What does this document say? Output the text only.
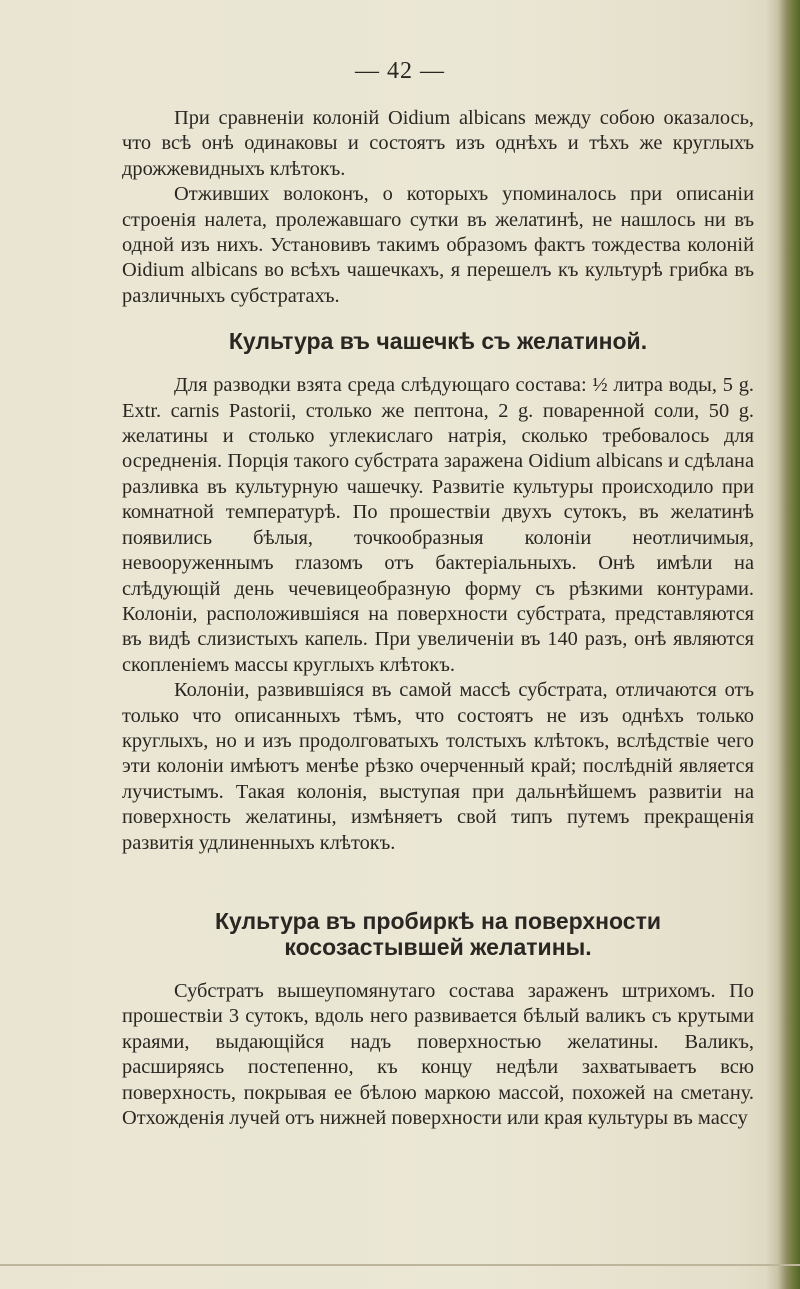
— 42 —

При сравненіи колоній Oidium albicans между собою оказалось, что всѣ онѣ одинаковы и состоятъ изъ однѣхъ и тѣхъ же круглыхъ дрожжевидныхъ клѣтокъ.

Отживших волоконъ, о которыхъ упоминалось при описаніи строенія налета, пролежавшаго сутки въ желатинѣ, не нашлось ни въ одной изъ нихъ. Установивъ такимъ образомъ фактъ тождества колоній Oidium albicans во всѣхъ чашечкахъ, я перешелъ къ культурѣ грибка въ различныхъ субстратахъ.

Культура въ чашечкѣ съ желатиной.

Для разводки взята среда слѣдующаго состава: ½ литра воды, 5 g. Extr. carnis Pastorii, столько же пептона, 2 g. поваренной соли, 50 g. желатины и столько углекислаго натрія, сколько требовалось для осредненія. Порція такого субстрата заражена Oidium albicans и сдѣлана разливка въ культурную чашечку. Развитіе культуры происходило при комнатной температурѣ. По прошествіи двухъ сутокъ, въ желатинѣ появились бѣлыя, точкообразныя колоніи неотличимыя, невооруженнымъ глазомъ отъ бактеріальныхъ. Онѣ имѣли на слѣдующій день чечевицеобразную форму съ рѣзкими контурами. Колоніи, расположившіяся на поверхности субстрата, представляются въ видѣ слизистыхъ капель. При увеличеніи въ 140 разъ, онѣ являются скопленіемъ массы круглыхъ клѣтокъ.

Колоніи, развившіяся въ самой массѣ субстрата, отличаются отъ только что описанныхъ тѣмъ, что состоятъ не изъ однѣхъ только круглыхъ, но и изъ продолговатыхъ толстыхъ клѣтокъ, вслѣдствіе чего эти колоніи имѣютъ менѣе рѣзко очерченный край; послѣдній является лучистымъ. Такая колонія, выступая при дальнѣйшемъ развитіи на поверхность желатины, измѣняетъ свой типъ путемъ прекращенія развитія удлиненныхъ клѣтокъ.

Культура въ пробиркѣ на поверхности косозастывшей желатины.

Субстратъ вышеупомянутаго состава зараженъ штрихомъ. По прошествіи 3 сутокъ, вдоль него развивается бѣлый валикъ съ крутыми краями, выдающійся надъ поверхностью желатины. Валикъ, расширяясь постепенно, къ концу недѣли захватываетъ всю поверхность, покрывая ее бѣлою маркою массой, похожей на сметану. Отхожденія лучей отъ нижней поверхности или края культуры въ массу
